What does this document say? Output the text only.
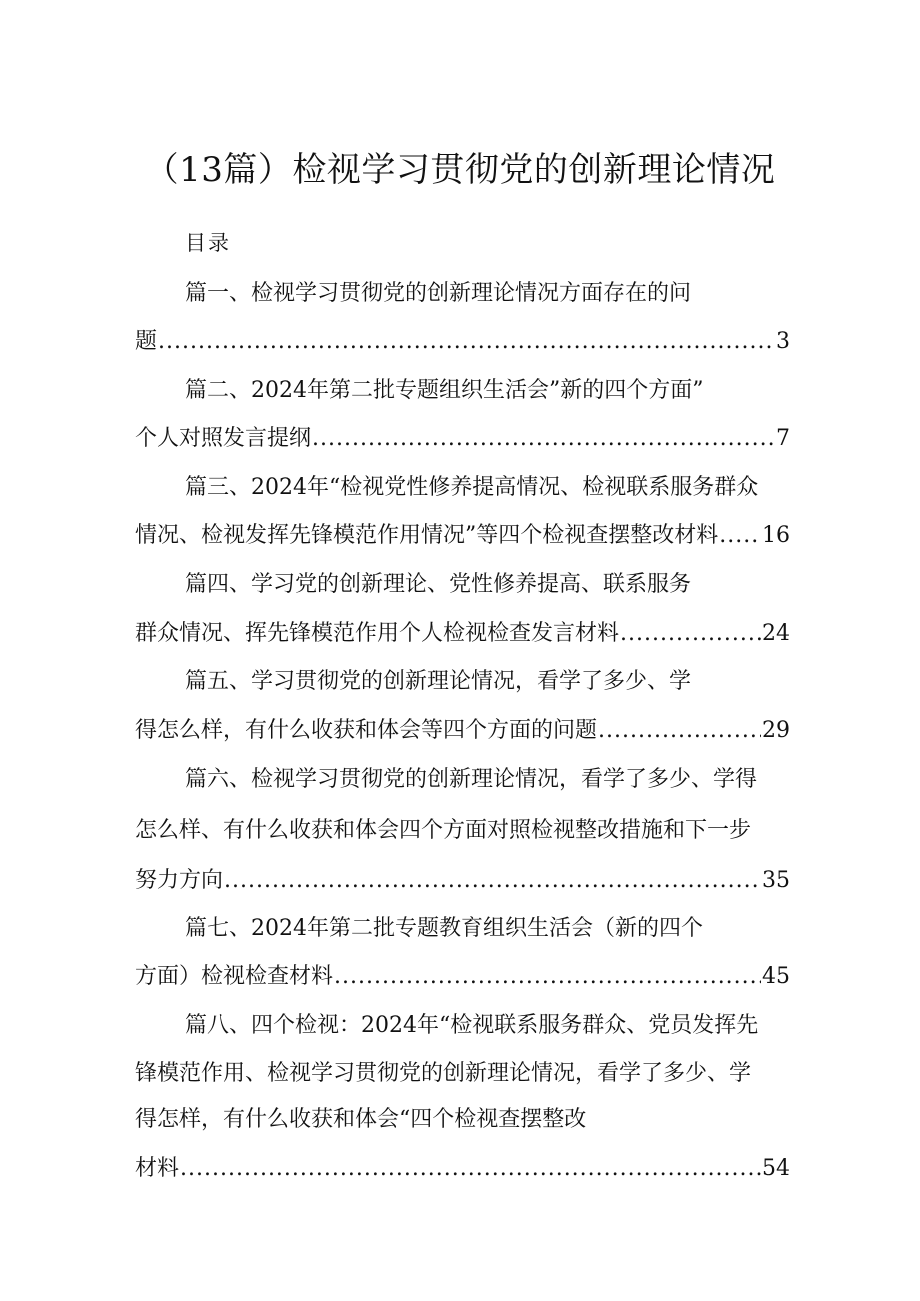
（13篇）检视学习贯彻党的创新理论情况
目录
篇一、检视学习贯彻党的创新理论情况方面存在的问
题 .....	3
篇二、2024年第二批专题组织生活会”新的四个方面”
个人对照发言提纲 .....	7
篇三、2024年“检视党性修养提高情况、检视联系服务群众
情况、检视发挥先锋模范作用情况”等四个检视查摆整改材料 ..... 16
篇四、学习党的创新理论、党性修养提高、联系服务
群众情况、挥先锋模范作用个人检视检查发言材料 .....	24
篇五、学习贯彻党的创新理论情况，看学了多少、学
得怎么样，有什么收获和体会等四个方面的问题 .....	29
篇六、检视学习贯彻党的创新理论情况，看学了多少、学得
怎么样、有什么收获和体会四个方面对照检视整改措施和下一步
努力方向 .....	35
篇七、2024年第二批专题教育组织生活会（新的四个
方面）检视检查材料 .....	45
篇八、四个检视：2024年“检视联系服务群众、党员发挥先
锋模范作用、检视学习贯彻党的创新理论情况，看学了多少、学
得怎样，有什么收获和体会“四个检视查摆整改
材料 .....	54
